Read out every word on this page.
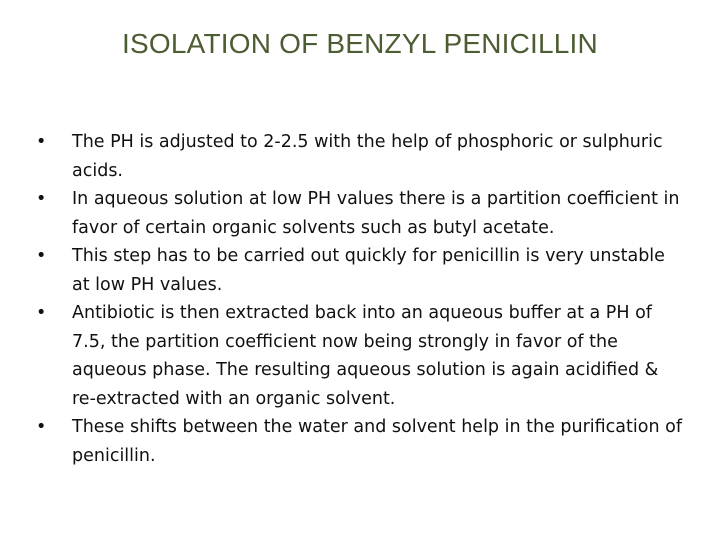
ISOLATION OF BENZYL PENICILLIN
•	The PH is adjusted to 2-2.5 with the help of phosphoric or sulphuric acids.
•	In aqueous solution at low PH values there is a partition coefficient in favor of certain organic solvents such as butyl acetate.
•	This step has to be carried out quickly for penicillin is very unstable at low PH values.
•	Antibiotic is then extracted back into an aqueous buffer at a PH of 7.5, the partition coefficient now being strongly in favor of the aqueous phase. The resulting aqueous solution is again acidified & re-extracted with an organic solvent.
•	These shifts between the water and solvent help in the purification of penicillin.
